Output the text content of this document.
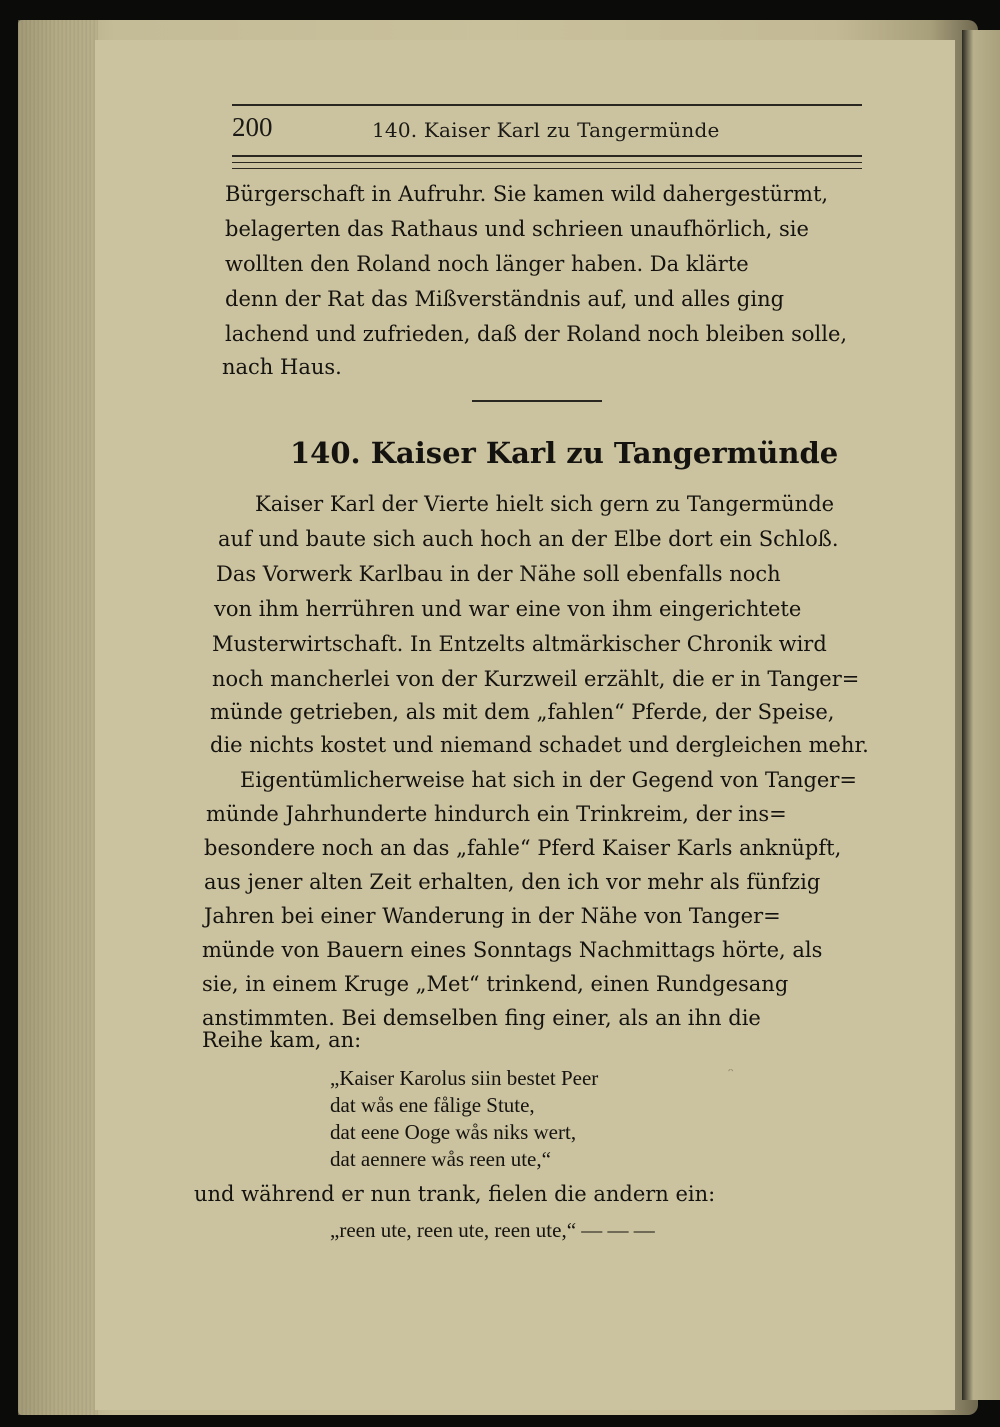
200	140. Kaiser Karl zu Tangermünde
Bürgerschaft in Aufruhr. Sie kamen wild dahergestürmt,
belagerten das Rathaus und schrieen unaufhörlich, sie
wollten den Roland noch länger haben. Da klärte
denn der Rat das Mißverständnis auf, und alles ging
lachend und zufrieden, daß der Roland noch bleiben solle,
nach Haus.
140. Kaiser Karl zu Tangermünde
Kaiser Karl der Vierte hielt sich gern zu Tangermünde
auf und baute sich auch hoch an der Elbe dort ein Schloß.
Das Vorwerk Karlbau in der Nähe soll ebenfalls noch
von ihm herrühren und war eine von ihm eingerichtete
Musterwirtschaft. In Entzelts altmärkischer Chronik wird
noch mancherlei von der Kurzweil erzählt, die er in Tanger=
münde getrieben, als mit dem „fahlen“ Pferde, der Speise,
die nichts kostet und niemand schadet und dergleichen mehr.
Eigentümlicherweise hat sich in der Gegend von Tanger=
münde Jahrhunderte hindurch ein Trinkreim, der ins=
besondere noch an das „fahle“ Pferd Kaiser Karls anknüpft,
aus jener alten Zeit erhalten, den ich vor mehr als fünfzig
Jahren bei einer Wanderung in der Nähe von Tanger=
münde von Bauern eines Sonntags Nachmittags hörte, als
sie, in einem Kruge „Met“ trinkend, einen Rundgesang
anstimmten. Bei demselben fing einer, als an ihn die
Reihe kam, an:
„Kaiser Karolus siin bestet Peer
dat wås ene fålige Stute,
dat eene Ooge wås niks wert,
dat aennere wås reen ute,“
ᵔ
und während er nun trank, fielen die andern ein:
„reen ute, reen ute, reen ute,“ — — —
